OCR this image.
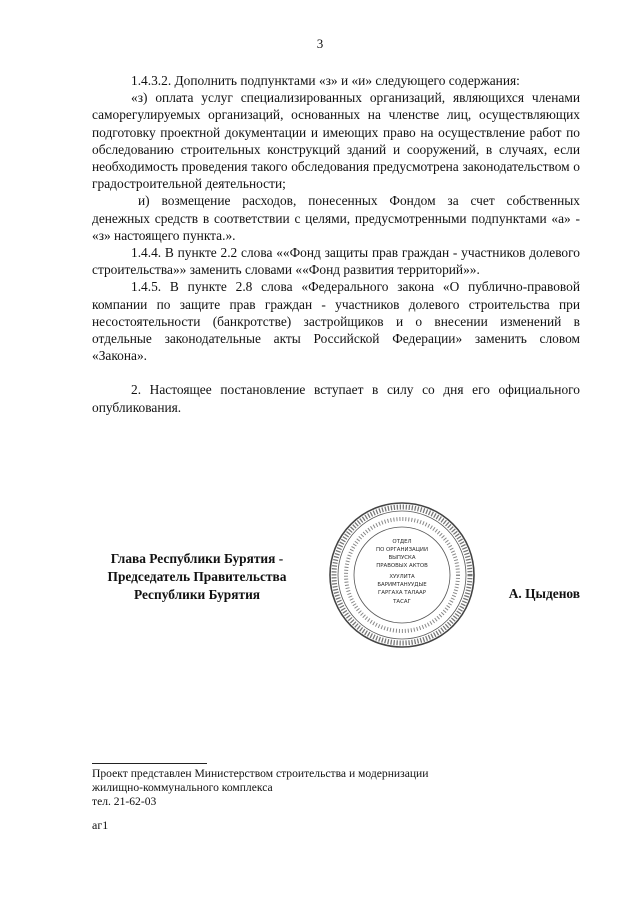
3

1.4.3.2. Дополнить подпунктами «з» и «и» следующего содержания:

«з) оплата услуг специализированных организаций, являющихся членами саморегулируемых организаций, основанных на членстве лиц, осуществляющих подготовку проектной документации и имеющих право на осуществление работ по обследованию строительных конструкций зданий и сооружений, в случаях, если необходимость проведения такого обследования предусмотрена законодательством о градостроительной деятельности;

и) возмещение расходов, понесенных Фондом за счет собственных денежных средств в соответствии с целями, предусмотренными подпунктами «а» - «з» настоящего пункта.».

1.4.4. В пункте 2.2 слова ««Фонд защиты прав граждан - участников долевого строительства»» заменить словами ««Фонд развития территорий»».

1.4.5. В пункте 2.8 слова «Федерального закона «О публично-правовой компании по защите прав граждан - участников долевого строительства при несостоятельности (банкротстве) застройщиков и о внесении изменений в отдельные законодательные акты Российской Федерации» заменить словом «Закона».

2. Настоящее постановление вступает в силу со дня его официального опубликования.

Глава Республики Бурятия -
Председатель Правительства
Республики Бурятия
ОТДЕЛ
ПО ОРГАНИЗАЦИИ
ВЫПУСКА
ПРАВОВЫХ АКТОВ
ХУУЛИТА
БАРИМТАНУУДЫЕ
ГАРГАХА ТАЛААР
ТАСАГ
А. Цыденов
Проект представлен Министерством строительства и модернизации
жилищно-коммунального комплекса
тел. 21-62-03
аг1
